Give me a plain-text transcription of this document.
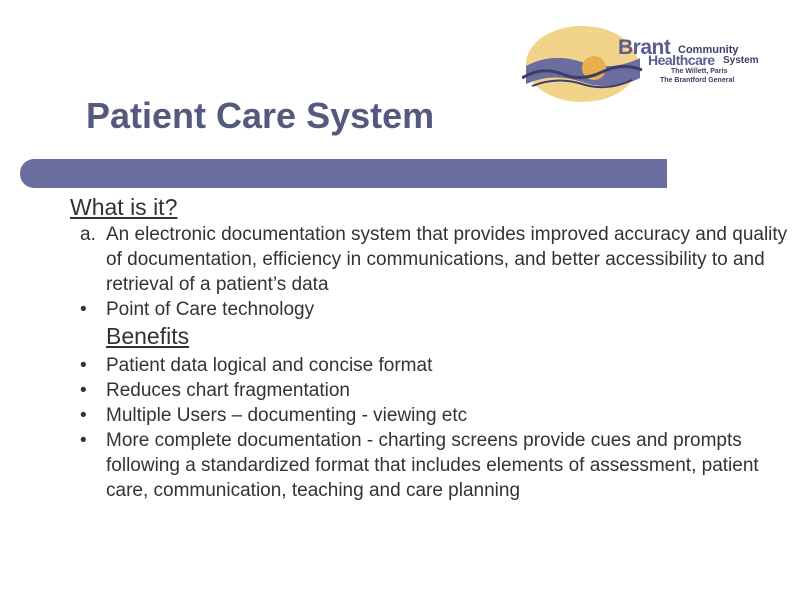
Brant Community
Healthcare System
The Willett, Paris
The Brantford General
Patient Care System
What is it?
a. An electronic documentation system that provides improved accuracy and quality of documentation, efficiency in communications, and better accessibility to and retrieval of a patient’s data
•	Point of Care technology
Benefits
•	Patient data logical and concise format
•	Reduces chart fragmentation
•	Multiple Users – documenting - viewing etc
•	More complete documentation - charting screens provide cues and prompts following a standardized format that includes elements of assessment, patient care, communication, teaching and care planning
